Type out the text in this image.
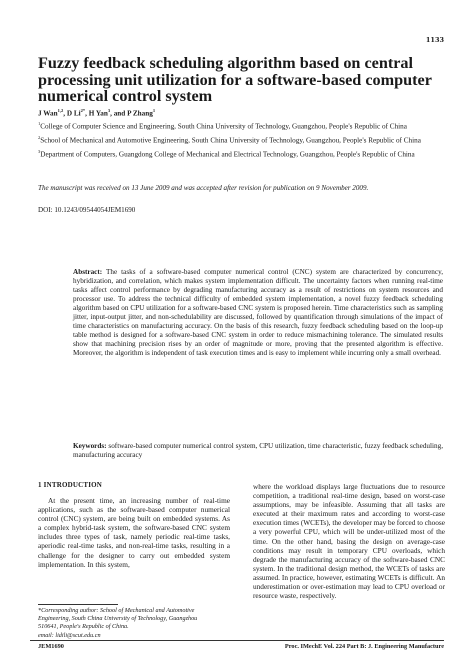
1133
Fuzzy feedback scheduling algorithm based on central processing unit utilization for a software-based computer numerical control system
J Wan$^{1,2}$, D $Li^{2*}$, H Yan$^3$, and P Zhang$^1$

$^1$College of Computer Science and Engineering, South China University of Technology, Guangzhou, People's Republic of China

$^2$School of Mechanical and Automotive Engineering, South China University of Technology, Guangzhou, People's Republic of China

$^3$Department of Computers, Guangdong College of Mechanical and Electrical Technology, Guangzhou, People's Republic of China

The manuscript was received on 13 June 2009 and was accepted after revision for publication on 9 November 2009.
DOI: 10.1243/09544054JEM1690

Abstract: The tasks of a software-based computer numerical control (CNC) system are characterized by concurrency, hybridization, and correlation, which makes system implementation difficult. The uncertainty factors when running real-time tasks affect control performance by degrading manufacturing accuracy as a result of restrictions on system resources and processor use. To address the technical difficulty of embedded system implementation, a novel fuzzy feedback scheduling algorithm based on CPU utilization for a software-based CNC system is proposed herein. Time characteristics such as sampling jitter, input-output jitter, and non-schedulability are discussed, followed by quantification through simulations of the impact of time characteristics on manufacturing accuracy. On the basis of this research, fuzzy feedback scheduling based on the loop-up table method is designed for a software-based CNC system in order to reduce mismachining tolerance. The simulated results show that machining precision rises by an order of magnitude or more, proving that the presented algorithm is effective. Moreover, the algorithm is independent of task execution times and is easy to implement while incurring only a small overhead.

Keywords: software-based computer numerical control system, CPU utilization, time characteristic, fuzzy feedback scheduling, manufacturing accuracy

1 INTRODUCTION

At the present time, an increasing number of real-time applications, such as the software-based computer numerical control (CNC) system, are being built on embedded systems. As a complex hybrid-task system, the software-based CNC system includes three types of task, namely periodic real-time tasks, aperiodic real-time tasks, and non-real-time tasks, resulting in a challenge for the designer to carry out embedded system implementation. In this system,

where the workload displays large fluctuations due to resource competition, a traditional real-time design, based on worst-case assumptions, may be infeasible. Assuming that all tasks are executed at their maximum rates and according to worst-case execution times (WCETs), the developer may be forced to choose a very powerful CPU, which will be under-utilized most of the time. On the other hand, basing the design on average-case conditions may result in temporary CPU overloads, which degrade the manufacturing accuracy of the software-based CNC system. In the traditional design method, the WCETs of tasks are assumed. In practice, however, estimating WCETs is difficult. An underestimation or over-estimation may lead to CPU overload or resource waste, respectively.

*Corresponding author: School of Mechanical and Automotive
Engineering, South China University of Technology, Guangzhou
510641, People's Republic of China.
email: lidili@scut.edu.cn

JEM1690	Proc. IMechE Vol. 224 Part B: J. Engineering Manufacture
